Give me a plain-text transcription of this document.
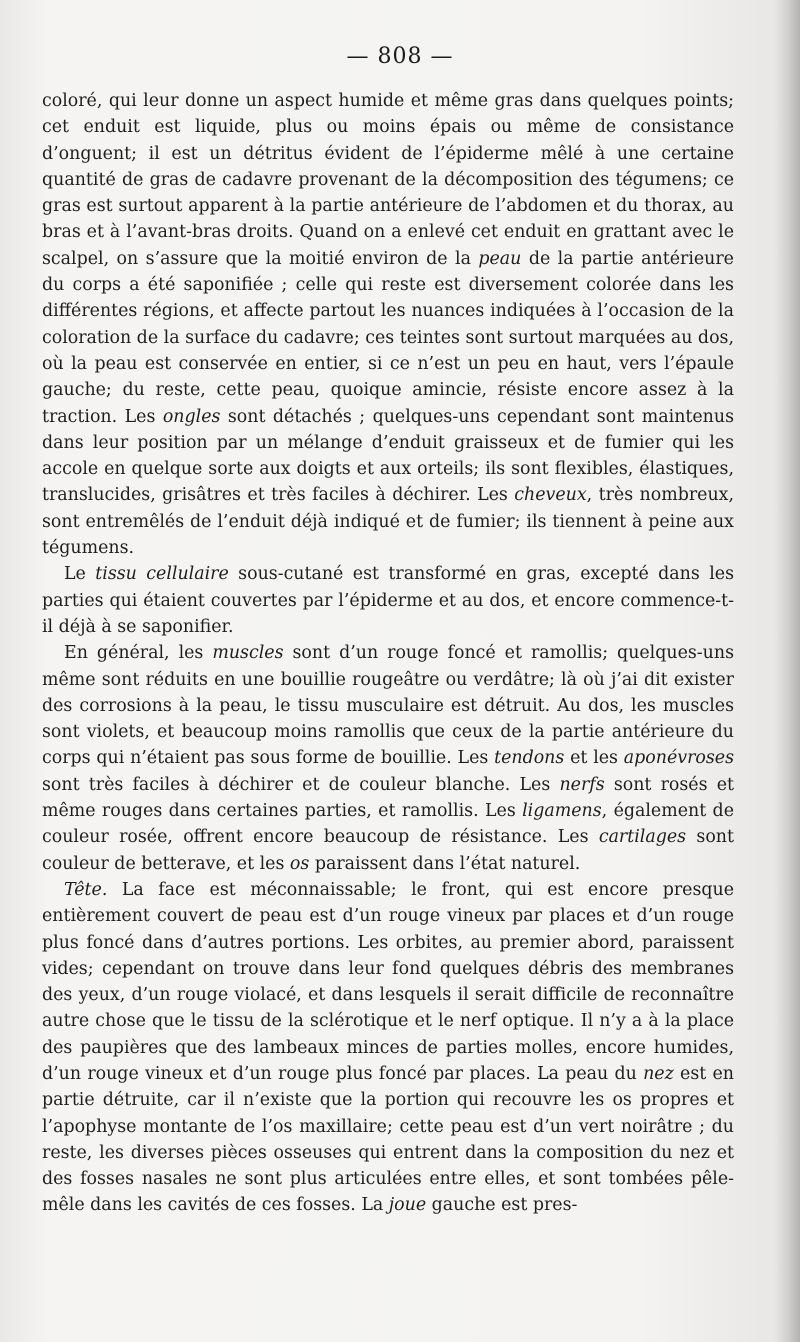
— 808 —

coloré, qui leur donne un aspect humide et même gras dans quelques points; cet enduit est liquide, plus ou moins épais ou même de consistance d’onguent; il est un détritus évident de l’épiderme mêlé à une certaine quantité de gras de cadavre provenant de la décomposition des tégumens; ce gras est surtout apparent à la partie antérieure de l’abdomen et du thorax, au bras et à l’avant-bras droits. Quand on a enlevé cet enduit en grattant avec le scalpel, on s’assure que la moitié environ de la peau de la partie antérieure du corps a été saponifiée ; celle qui reste est diversement colorée dans les différentes régions, et affecte partout les nuances indiquées à l’occasion de la coloration de la surface du cadavre; ces teintes sont surtout marquées au dos, où la peau est conservée en entier, si ce n’est un peu en haut, vers l’épaule gauche; du reste, cette peau, quoique amincie, résiste encore assez à la traction. Les ongles sont détachés ; quelques-uns cependant sont maintenus dans leur position par un mélange d’enduit graisseux et de fumier qui les accole en quelque sorte aux doigts et aux orteils; ils sont flexibles, élastiques, translucides, grisâtres et très faciles à déchirer. Les cheveux, très nombreux, sont entremêlés de l’enduit déjà indiqué et de fumier; ils tiennent à peine aux tégumens.

Le tissu cellulaire sous-cutané est transformé en gras, excepté dans les parties qui étaient couvertes par l’épiderme et au dos, et encore commence-t-il déjà à se saponifier.

En général, les muscles sont d’un rouge foncé et ramollis; quelques-uns même sont réduits en une bouillie rougeâtre ou verdâtre; là où j’ai dit exister des corrosions à la peau, le tissu musculaire est détruit. Au dos, les muscles sont violets, et beaucoup moins ramollis que ceux de la partie antérieure du corps qui n’étaient pas sous forme de bouillie. Les tendons et les aponévroses sont très faciles à déchirer et de couleur blanche. Les nerfs sont rosés et même rouges dans certaines parties, et ramollis. Les ligamens, également de couleur rosée, offrent encore beaucoup de résistance. Les cartilages sont couleur de betterave, et les os paraissent dans l’état naturel.

Tête. La face est méconnaissable; le front, qui est encore presque entièrement couvert de peau est d’un rouge vineux par places et d’un rouge plus foncé dans d’autres portions. Les orbites, au premier abord, paraissent vides; cependant on trouve dans leur fond quelques débris des membranes des yeux, d’un rouge violacé, et dans lesquels il serait difficile de reconnaître autre chose que le tissu de la sclérotique et le nerf optique. Il n’y a à la place des paupières que des lambeaux minces de parties molles, encore humides, d’un rouge vineux et d’un rouge plus foncé par places. La peau du nez est en partie détruite, car il n’existe que la portion qui recouvre les os propres et l’apophyse montante de l’os maxillaire; cette peau est d’un vert noirâtre ; du reste, les diverses pièces osseuses qui entrent dans la composition du nez et des fosses nasales ne sont plus articulées entre elles, et sont tombées pêle-mêle dans les cavités de ces fosses. La joue gauche est pres-
